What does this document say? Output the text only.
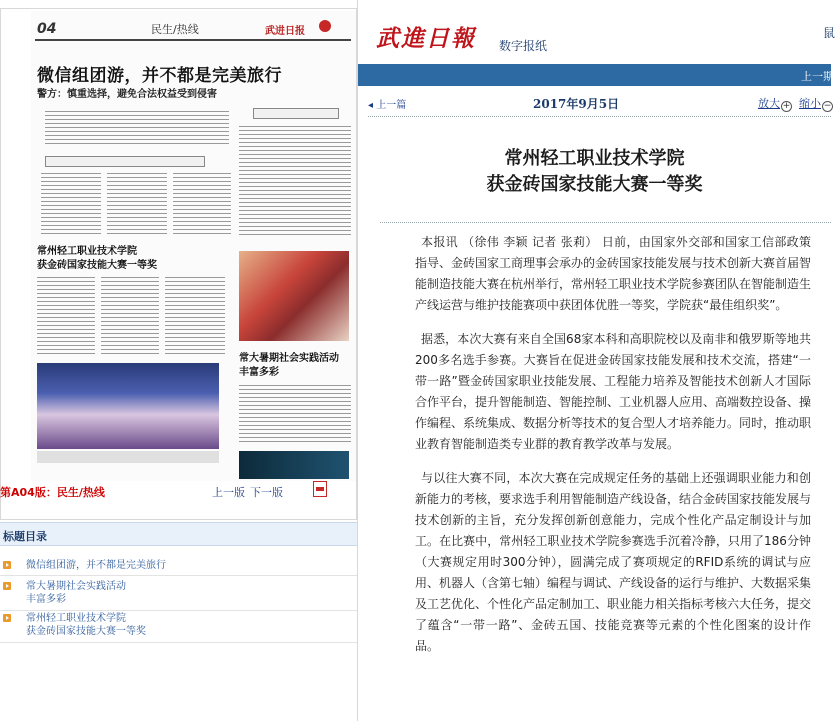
04	民生/热线	武进日报
微信组团游，并不都是完美旅行
警方：慎重选择，避免合法权益受到侵害
常州轻工职业技术学院
获金砖国家技能大赛一等奖
常大暑期社会实践活动
丰富多彩
第A04版：民生/热线	上一版 下一版
标题目录
微信组团游，并不都是完美旅行
常大暑期社会实践活动
丰富多彩
常州轻工职业技术学院
获金砖国家技能大赛一等奖
武進日報 数字报纸
鼠
上一期
◂ 上一篇	2017年9月5日	放大 + 缩小 −
常州轻工职业技术学院
获金砖国家技能大赛一等奖

本报讯 （徐伟 李颖 记者 张莉） 日前，由国家外交部和国家工信部政策指导、金砖国家工商理事会承办的金砖国家技能发展与技术创新大赛首届智能制造技能大赛在杭州举行，常州轻工职业技术学院参赛团队在智能制造生产线运营与维护技能赛项中获团体优胜一等奖，学院获“最佳组织奖”。

据悉，本次大赛有来自全国68家本科和高职院校以及南非和俄罗斯等地共200多名选手参赛。大赛旨在促进金砖国家技能发展和技术交流，搭建“一带一路”暨金砖国家职业技能发展、工程能力培养及智能技术创新人才国际合作平台，提升智能制造、智能控制、工业机器人应用、高端数控设备、操作编程、系统集成、数据分析等技术的复合型人才培养能力。同时，推动职业教育智能制造类专业群的教育教学改革与发展。

与以往大赛不同，本次大赛在完成规定任务的基础上还强调职业能力和创新能力的考核，要求选手利用智能制造产线设备，结合金砖国家技能发展与技术创新的主旨，充分发挥创新创意能力，完成个性化产品定制设计与加工。在比赛中，常州轻工职业技术学院参赛选手沉着冷静，只用了186分钟（大赛规定用时300分钟），圆满完成了赛项规定的RFID系统的调试与应用、机器人（含第七轴）编程与调试、产线设备的运行与维护、大数据采集及工艺优化、个性化产品定制加工、职业能力相关指标考核六大任务，提交了蕴含“一带一路”、金砖五国、技能竞赛等元素的个性化图案的设计作品。
